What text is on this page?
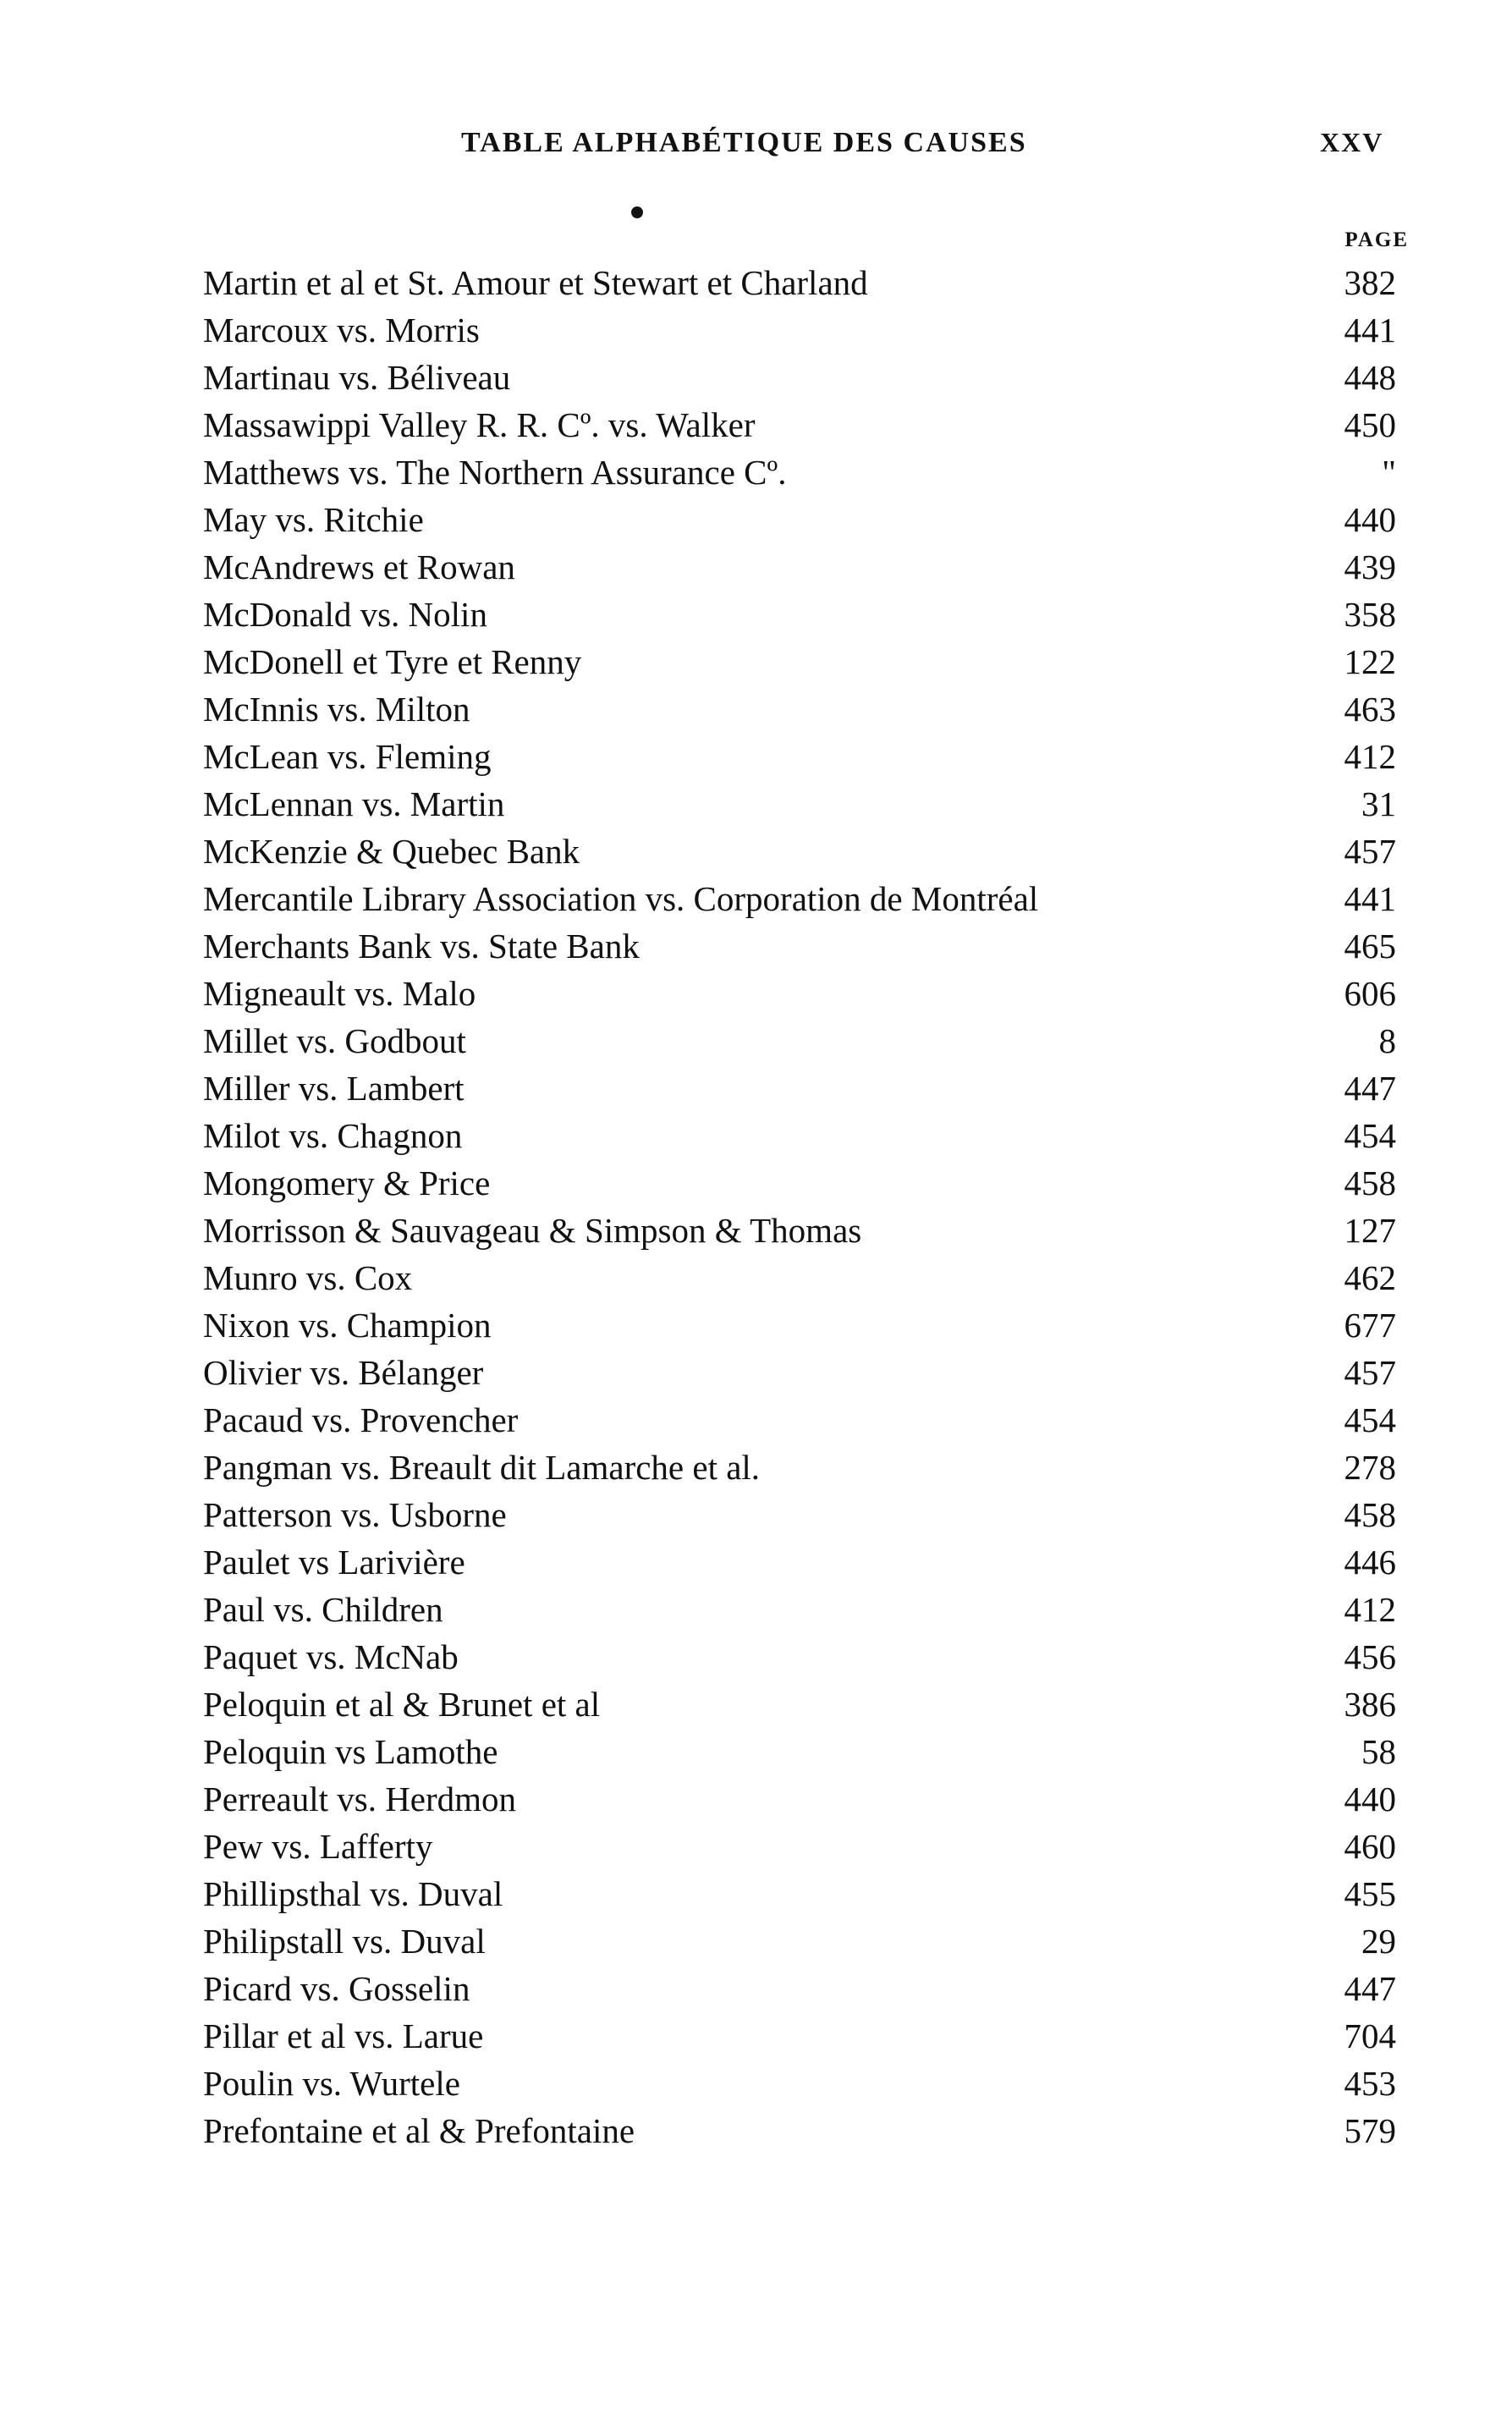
TABLE ALPHABÉTIQUE DES CAUSES	XXV
PAGE
Martin et al et St. Amour et Stewart et Charland	382
Marcoux vs. Morris	441
Martinau vs. Béliveau	448
Massawippi Valley R. R. Cº. vs. Walker	450
Matthews vs. The Northern Assurance Cº.	"
May vs. Ritchie	440
McAndrews et Rowan	439
McDonald vs. Nolin	358
McDonell et Tyre et Renny	122
McInnis vs. Milton	463
McLean vs. Fleming	412
McLennan vs. Martin	31
McKenzie & Quebec Bank	457
Mercantile Library Association vs. Corporation de Montréal	441
Merchants Bank vs. State Bank	465
Migneault vs. Malo	606
Millet vs. Godbout	8
Miller vs. Lambert	447
Milot vs. Chagnon	454
Mongomery & Price	458
Morrisson & Sauvageau & Simpson & Thomas	127
Munro vs. Cox	462
Nixon vs. Champion	677
Olivier vs. Bélanger	457
Pacaud vs. Provencher	454
Pangman vs. Breault dit Lamarche et al.	278
Patterson vs. Usborne	458
Paulet vs Larivière	446
Paul vs. Children	412
Paquet vs. McNab	456
Peloquin et al & Brunet et al	386
Peloquin vs Lamothe	58
Perreault vs. Herdmon	440
Pew vs. Lafferty	460
Phillipsthal vs. Duval	455
Philipstall vs. Duval	29
Picard vs. Gosselin	447
Pillar et al vs. Larue	704
Poulin vs. Wurtele	453
Prefontaine et al & Prefontaine	579
